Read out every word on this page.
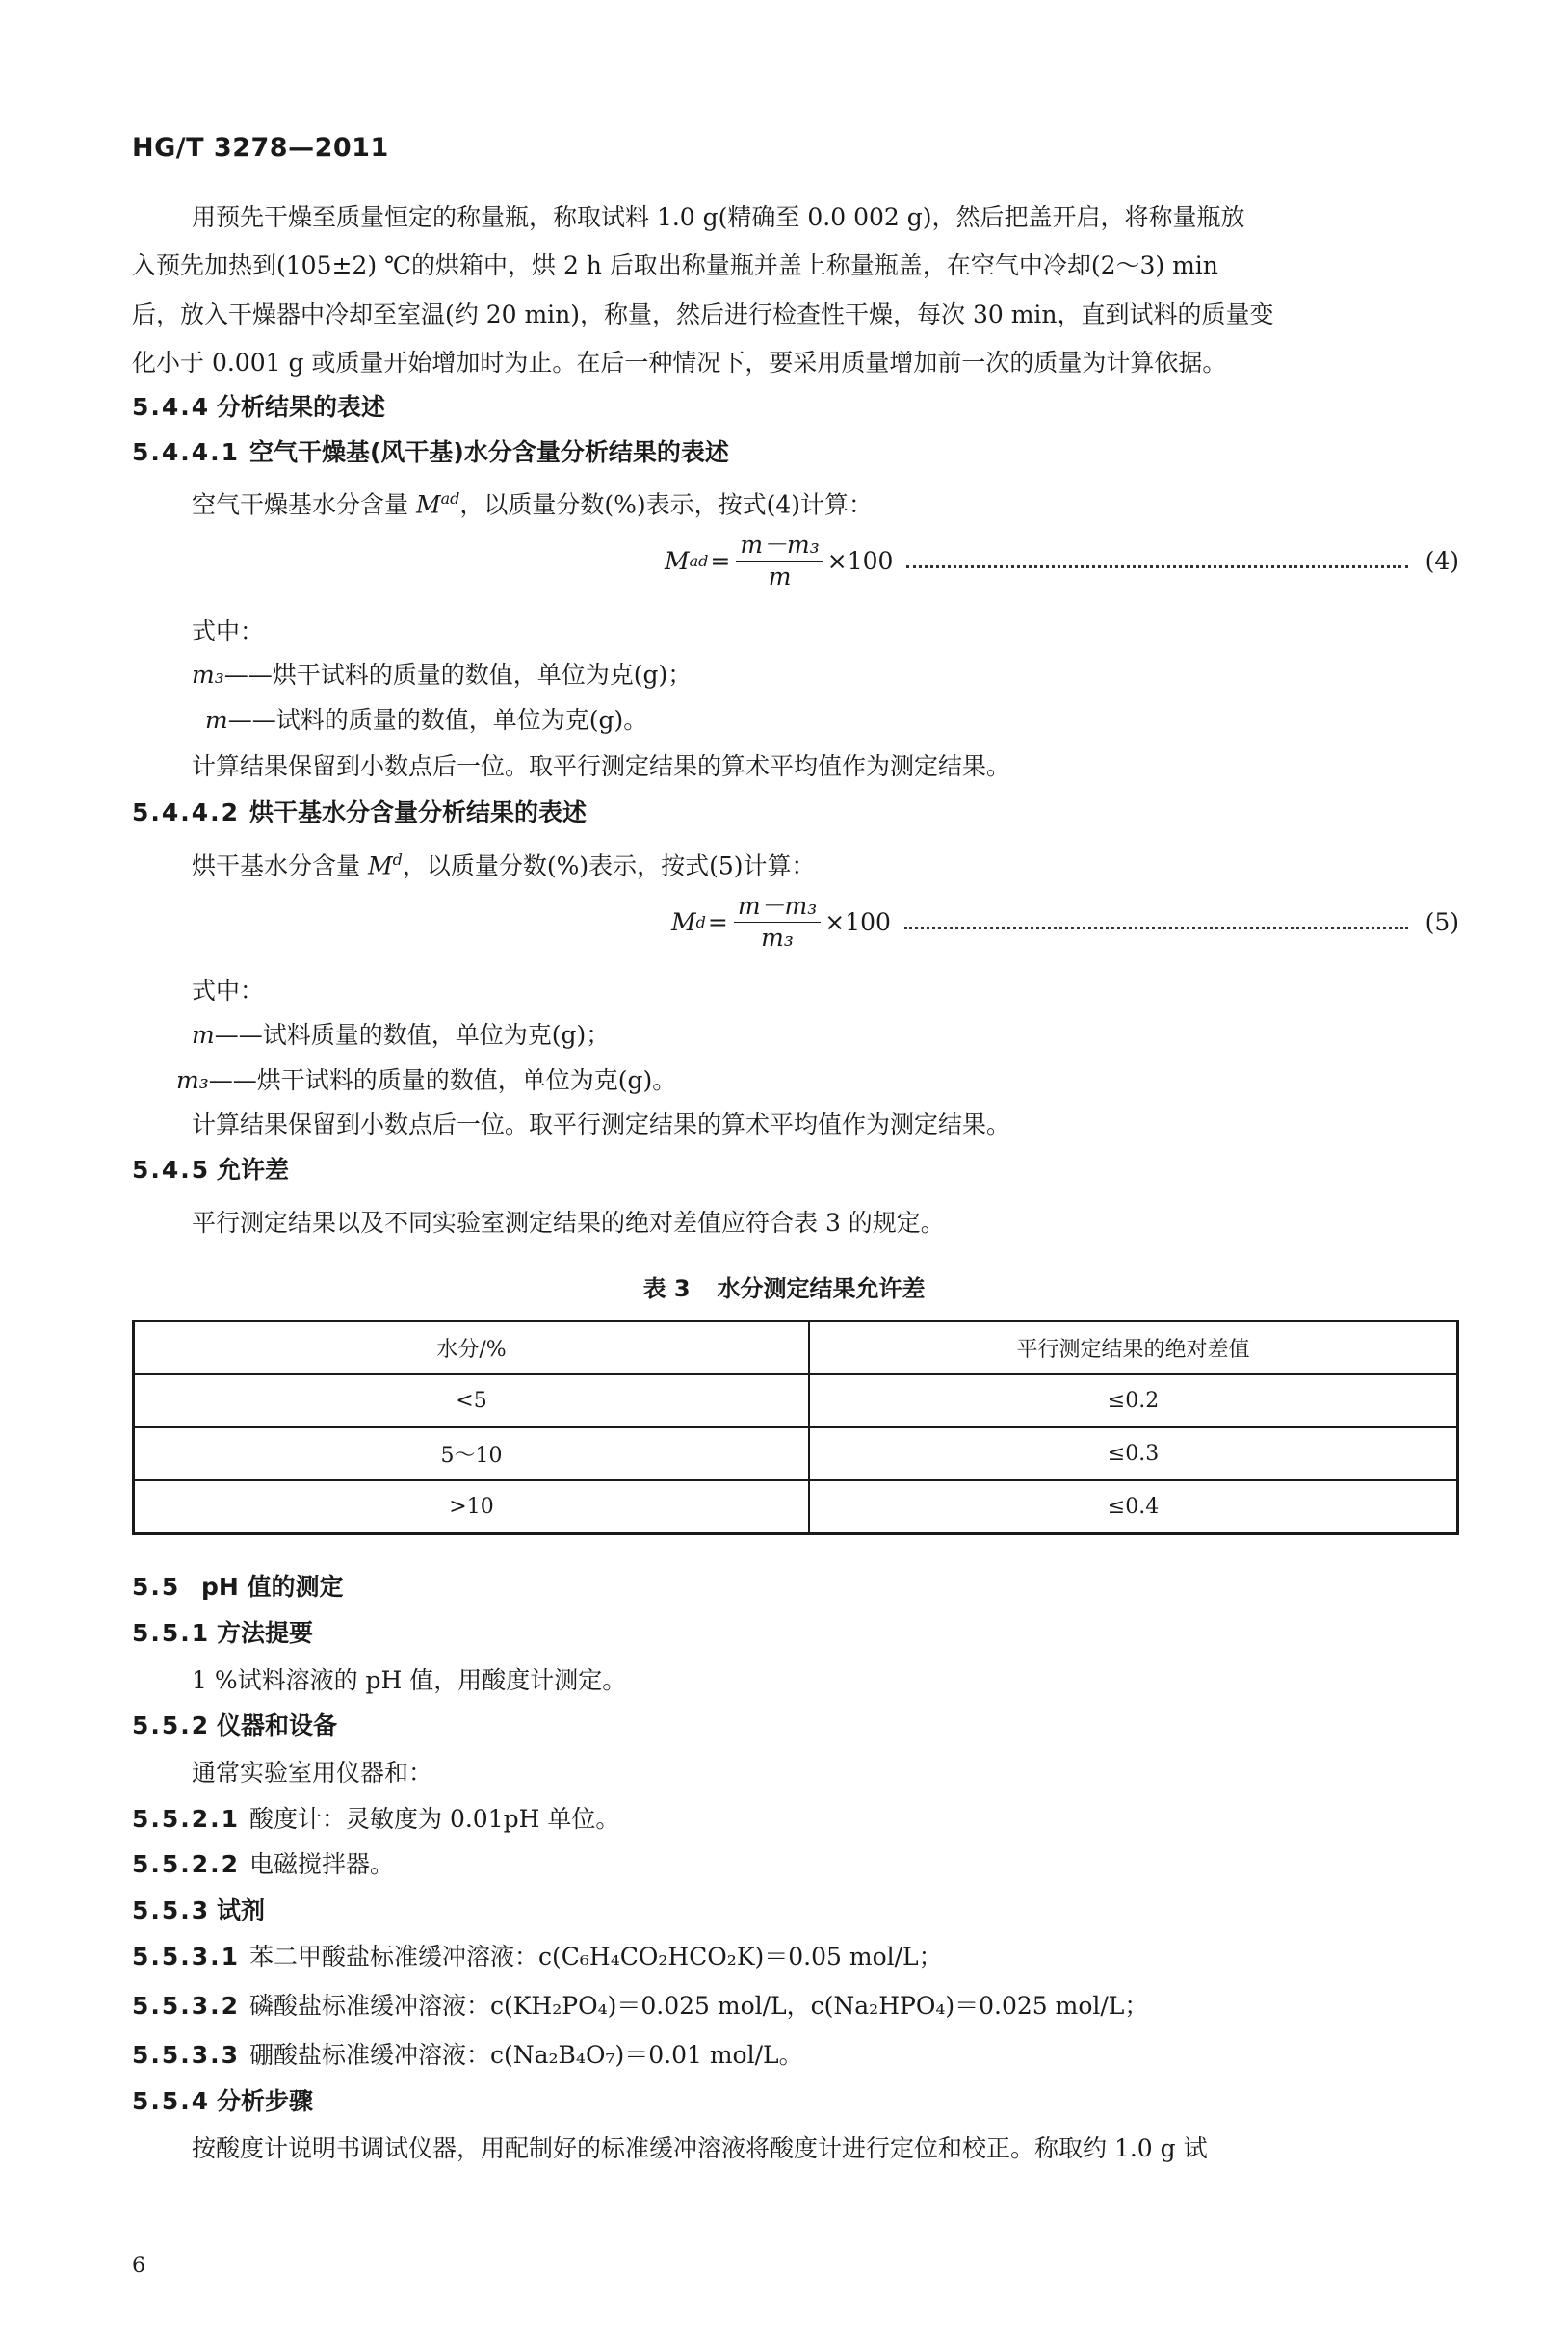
HG/T 3278—2011
用预先干燥至质量恒定的称量瓶，称取试料 1.0 g(精确至 0.0 002 g)，然后把盖开启，将称量瓶放
入预先加热到(105±2) ℃的烘箱中，烘 2 h 后取出称量瓶并盖上称量瓶盖，在空气中冷却(2～3) min
后，放入干燥器中冷却至室温(约 20 min)，称量，然后进行检查性干燥，每次 30 min，直到试料的质量变
化小于 0.001 g 或质量开始增加时为止。在后一种情况下，要采用质量增加前一次的质量为计算依据。
5.4.4 分析结果的表述
5.4.4.1 空气干燥基(风干基)水分含量分析结果的表述
空气干燥基水分含量 $M^{ad}$，以质量分数(%)表示，按式(4)计算：
M ad = $\frac{\text{m－m₃}}{m} \times 100$	(4)
式中：
m₃——烘干试料的质量的数值，单位为克(g)；
m——试料的质量的数值，单位为克(g)。
计算结果保留到小数点后一位。取平行测定结果的算术平均值作为测定结果。
5.4.4.2 烘干基水分含量分析结果的表述
烘干基水分含量 $M^d$，以质量分数(%)表示，按式(5)计算：
M $d = \frac{\text{m－m₃}}{\text{m₃}} \times 100$	(5)
式中：
m——试料质量的数值，单位为克(g)；
m₃——烘干试料的质量的数值，单位为克(g)。
计算结果保留到小数点后一位。取平行测定结果的算术平均值作为测定结果。
5.4.5 允许差
平行测定结果以及不同实验室测定结果的绝对差值应符合表 3 的规定。
表 3 水分测定结果允许差
水分/%	平行测定结果的绝对差值
<5	≤0.2
5～10	≤0.3
>10	≤0.4
5.5 pH 值的测定
5.5.1 方法提要
1 %试料溶液的 pH 值，用酸度计测定。
5.5.2 仪器和设备
通常实验室用仪器和：
5.5.2.1 酸度计：灵敏度为 0.01pH 单位。
5.5.2.2 电磁搅拌器。
5.5.3 试剂
5.5.3.1 苯二甲酸盐标准缓冲溶液：c(C₆H₄CO₂HCO₂K)＝0.05 mol/L；
5.5.3.2 磷酸盐标准缓冲溶液：c(KH₂PO₄)＝0.025 mol/L，c(Na₂HPO₄)＝0.025 mol/L；
5.5.3.3 硼酸盐标准缓冲溶液：c(Na₂B₄O₇)＝0.01 mol/L。
5.5.4 分析步骤
按酸度计说明书调试仪器，用配制好的标准缓冲溶液将酸度计进行定位和校正。称取约 1.0 g 试
6
